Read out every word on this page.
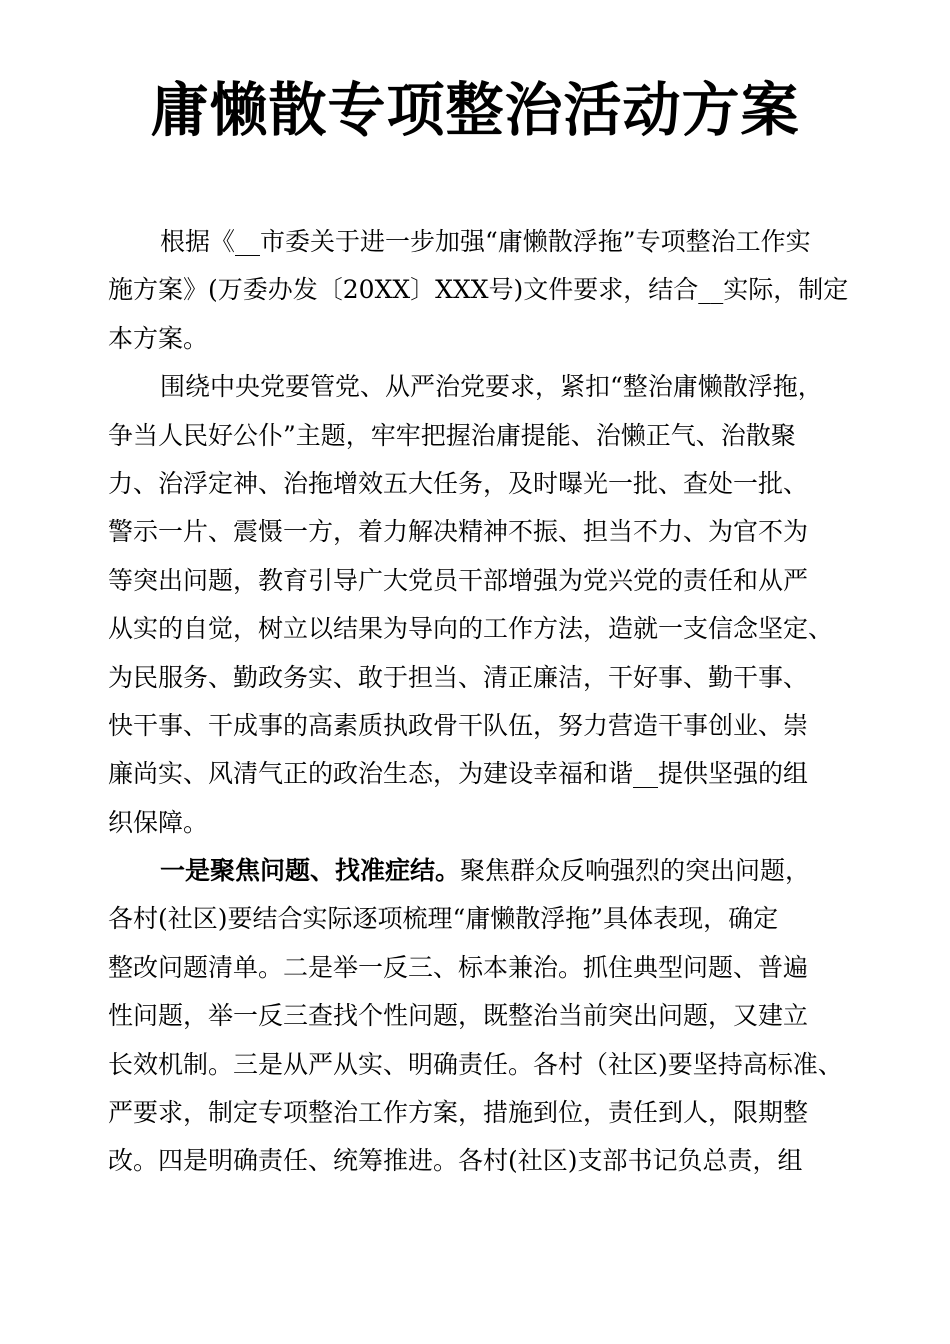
庸懒散专项整治活动方案
根据《__市委关于进一步加强“庸懒散浮拖”专项整治工作实
施方案》(万委办发〔20XX〕XXX号)文件要求，结合__实际，制定
本方案。
围绕中央党要管党、从严治党要求，紧扣“整治庸懒散浮拖，
争当人民好公仆”主题，牢牢把握治庸提能、治懒正气、治散聚
力、治浮定神、治拖增效五大任务，及时曝光一批、查处一批、
警示一片、震慑一方，着力解决精神不振、担当不力、为官不为
等突出问题，教育引导广大党员干部增强为党兴党的责任和从严
从实的自觉，树立以结果为导向的工作方法，造就一支信念坚定、
为民服务、勤政务实、敢于担当、清正廉洁，干好事、勤干事、
快干事、干成事的高素质执政骨干队伍，努力营造干事创业、崇
廉尚实、风清气正的政治生态，为建设幸福和谐__提供坚强的组
织保障。
一是聚焦问题、找准症结。聚焦群众反响强烈的突出问题，
各村(社区)要结合实际逐项梳理“庸懒散浮拖”具体表现，确定
整改问题清单。二是举一反三、标本兼治。抓住典型问题、普遍
性问题，举一反三查找个性问题，既整治当前突出问题，又建立
长效机制。三是从严从实、明确责任。各村（社区)要坚持高标准、
严要求，制定专项整治工作方案，措施到位，责任到人，限期整
改。四是明确责任、统筹推进。各村(社区)支部书记负总责，组
